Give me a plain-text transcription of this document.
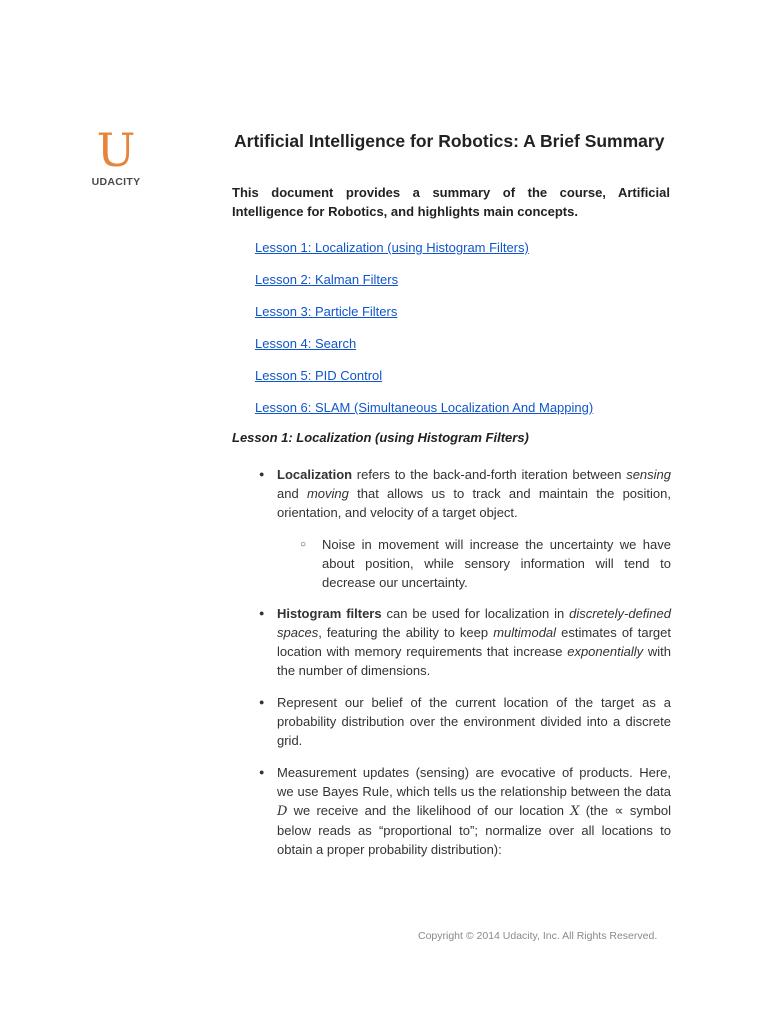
U
UDACITY
Artificial Intelligence for Robotics: A Brief Summary

This document provides a summary of the course, Artificial Intelligence for Robotics, and highlights main concepts.

Lesson 1: Localization (using Histogram Filters)
Lesson 2: Kalman Filters
Lesson 3: Particle Filters
Lesson 4: Search
Lesson 5: PID Control
Lesson 6: SLAM (Simultaneous Localization And Mapping)
Lesson 1: Localization (using Histogram Filters)
● Localization refers to the back-and-forth iteration between sensing and moving that allows us to track and maintain the position, orientation, and velocity of a target object.
○ Noise in movement will increase the uncertainty we have about position, while sensory information will tend to decrease our uncertainty.
● Histogram filters can be used for localization in discretely-defined spaces, featuring the ability to keep multimodal estimates of target location with memory requirements that increase exponentially with the number of dimensions.
● Represent our belief of the current location of the target as a probability distribution over the environment divided into a discrete grid.
● Measurement updates (sensing) are evocative of products. Here, we use Bayes Rule, which tells us the relationship between the data D we receive and the likelihood of our location X (the ∝ symbol below reads as “proportional to”; normalize over all locations to obtain a proper probability distribution):
Copyright © 2014 Udacity, Inc. All Rights Reserved.
